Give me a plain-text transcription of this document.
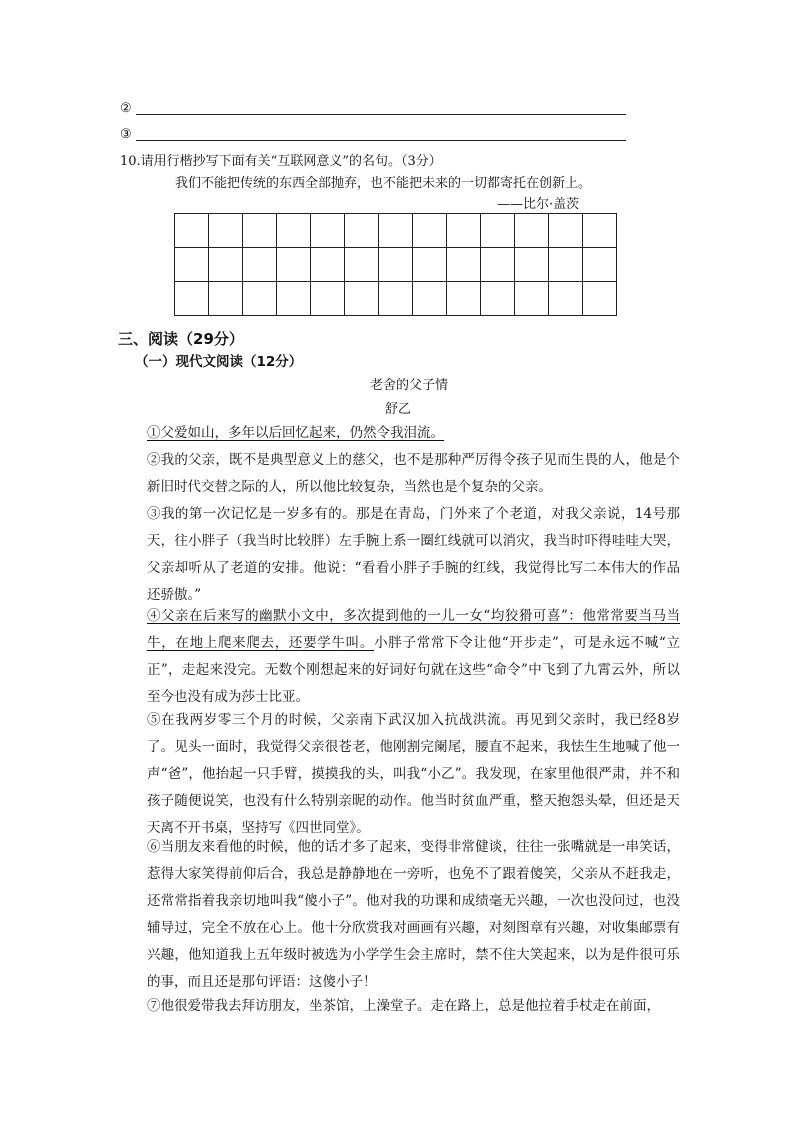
②
③
10.请用行楷抄写下面有关“互联网意义”的名句。（3分）
我们不能把传统的东西全部抛弃，也不能把未来的一切都寄托在创新上。
——比尔·盖茨

三、阅读（29分）
（一）现代文阅读（12分）
老舍的父子情
舒乙
①父爱如山，多年以后回忆起来，仍然令我泪流。
②我的父亲，既不是典型意义上的慈父，也不是那种严厉得令孩子见而生畏的人，他是个新旧时代交替之际的人，所以他比较复杂，当然也是个复杂的父亲。
③我的第一次记忆是一岁多有的。那是在青岛，门外来了个老道，对我父亲说，14号那天，往小胖子（我当时比较胖）左手腕上系一圈红线就可以消灾，我当时吓得哇哇大哭，父亲却听从了老道的安排。他说：“看看小胖子手腕的红线，我觉得比写二本伟大的作品还骄傲。”
④父亲在后来写的幽默小文中，多次提到他的一儿一女“均狡猾可喜”：他常常要当马当牛，在地上爬来爬去，还要学牛叫。小胖子常常下令让他“开步走”，可是永远不喊“立正”，走起来没完。无数个刚想起来的好词好句就在这些“命令”中飞到了九霄云外，所以至今也没有成为莎士比亚。
⑤在我两岁零三个月的时候，父亲南下武汉加入抗战洪流。再见到父亲时，我已经8岁了。见头一面时，我觉得父亲很苍老，他刚割完阑尾，腰直不起来，我怯生生地喊了他一声“爸”，他抬起一只手臂，摸摸我的头，叫我“小乙”。我发现，在家里他很严肃，并不和孩子随便说笑，也没有什么特别亲昵的动作。他当时贫血严重，整天抱怨头晕，但还是天天离不开书桌，坚持写《四世同堂》。
⑥当朋友来看他的时候，他的话才多了起来，变得非常健谈，往往一张嘴就是一串笑话，惹得大家笑得前仰后合，我总是静静地在一旁听，也免不了跟着傻笑，父亲从不赶我走，还常常指着我亲切地叫我“傻小子”。他对我的功课和成绩毫无兴趣，一次也没问过，也没辅导过，完全不放在心上。他十分欣赏我对画画有兴趣，对刻图章有兴趣，对收集邮票有兴趣，他知道我上五年级时被选为小学学生会主席时，禁不住大笑起来，以为是件很可乐的事，而且还是那句评语：这傻小子！
⑦他很爱带我去拜访朋友，坐茶馆，上澡堂子。走在路上，总是他拉着手杖走在前面，
